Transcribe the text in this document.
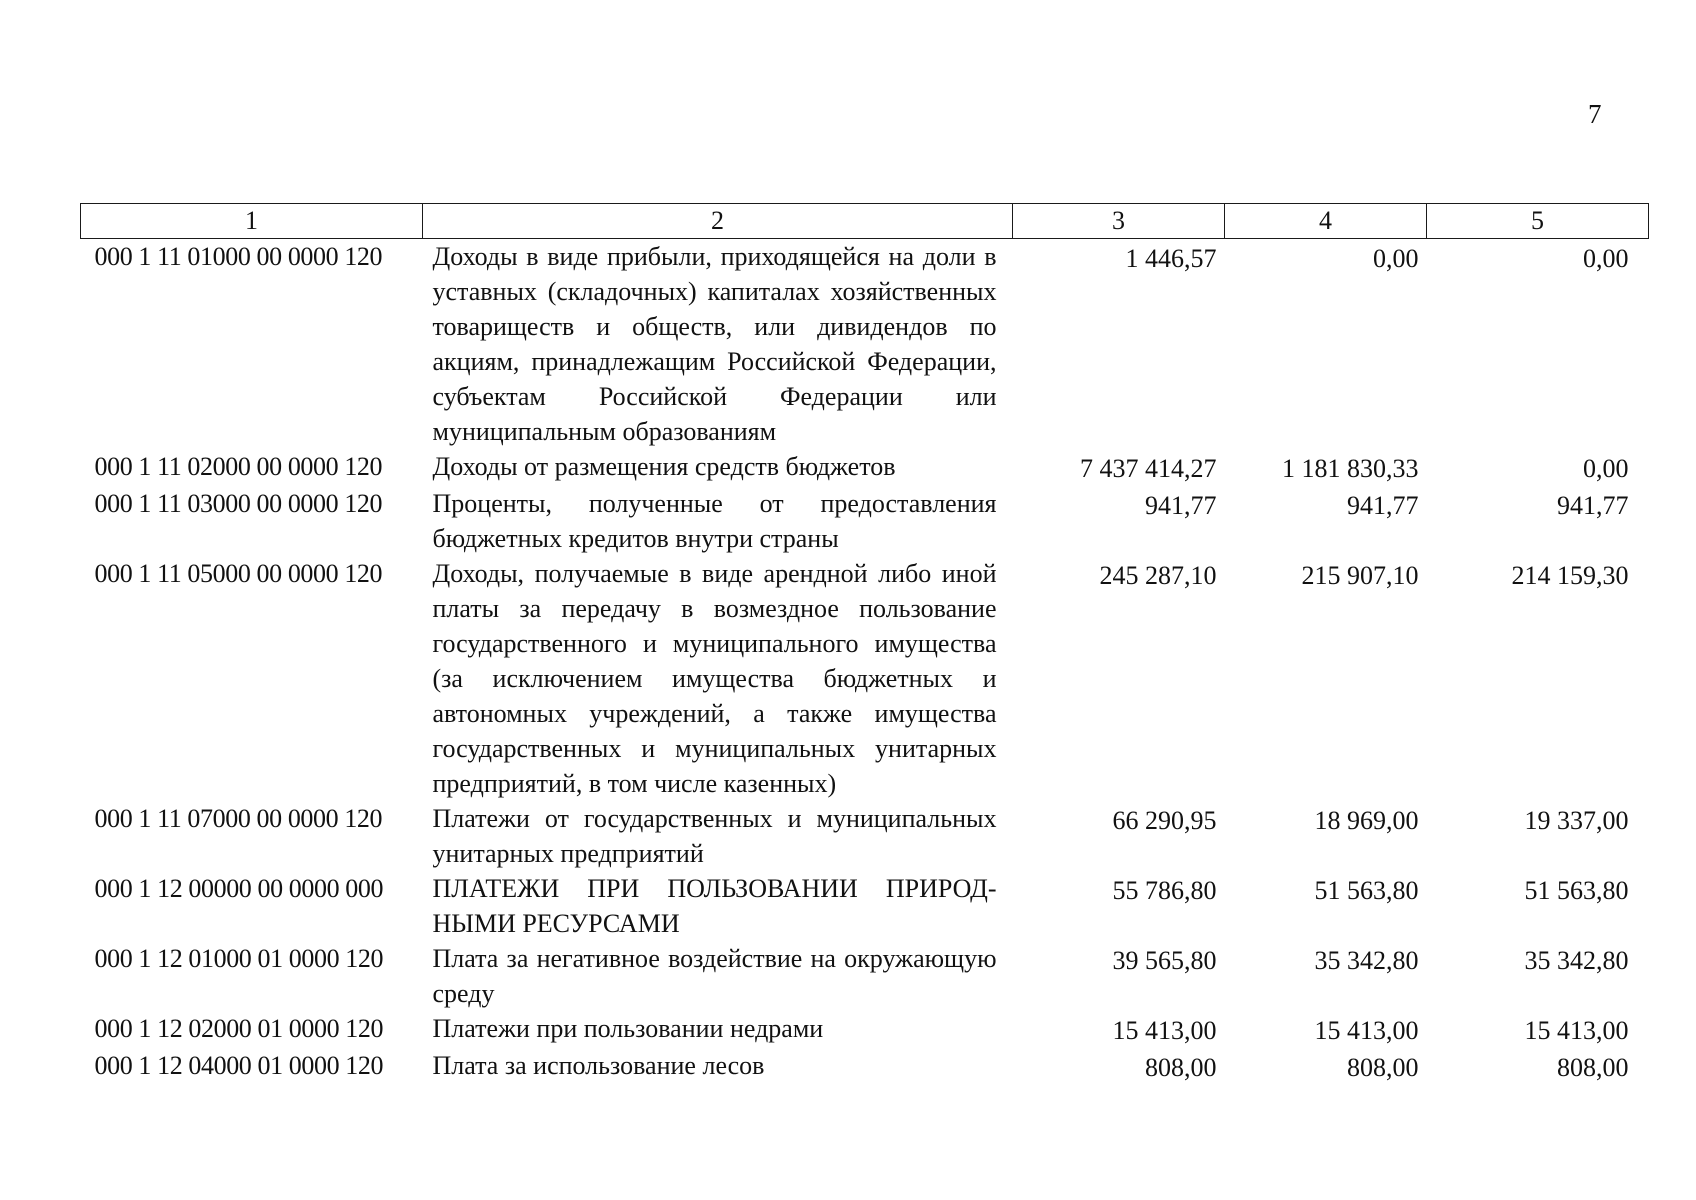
7
1	2	3	4	5
000 1 11 01000 00 0000 120	Доходы в виде прибыли, приходящейся на доли в уставных (складочных) капиталах хозяйственных товариществ и обществ, или дивидендов по акциям, принадлежащим Российской Федерации, субъектам Российской Федерации или муниципальным образованиям	1 446,57	0,00	0,00
000 1 11 02000 00 0000 120	Доходы от размещения средств бюджетов	7 437 414,27	1 181 830,33	0,00
000 1 11 03000 00 0000 120	Проценты, полученные от предоставления бюджетных кредитов внутри страны	941,77	941,77	941,77
000 1 11 05000 00 0000 120	Доходы, получаемые в виде арендной либо иной платы за передачу в возмездное пользование государственного и муниципального имущества (за исключением имущества бюджетных и автономных учреждений, а также имущества государственных и муниципальных унитарных предприятий, в том числе казенных)	245 287,10	215 907,10	214 159,30
000 1 11 07000 00 0000 120	Платежи от государственных и муниципальных унитарных предприятий	66 290,95	18 969,00	19 337,00
000 1 12 00000 00 0000 000	ПЛАТЕЖИ ПРИ ПОЛЬЗОВАНИИ ПРИРОД-НЫМИ РЕСУРСАМИ	55 786,80	51 563,80	51 563,80
000 1 12 01000 01 0000 120	Плата за негативное воздействие на окружающую среду	39 565,80	35 342,80	35 342,80
000 1 12 02000 01 0000 120	Платежи при пользовании недрами	15 413,00	15 413,00	15 413,00
000 1 12 04000 01 0000 120	Плата за использование лесов	808,00	808,00	808,00
